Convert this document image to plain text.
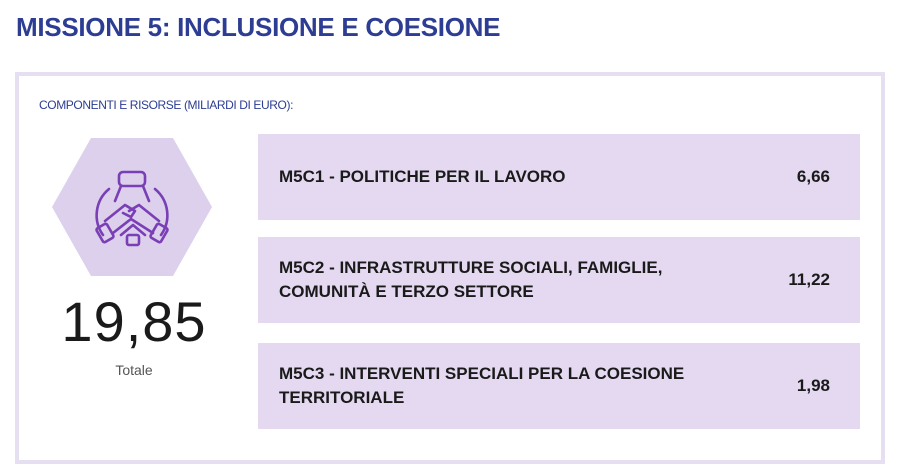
MISSIONE 5: INCLUSIONE E COESIONE
COMPONENTI E RISORSE (MILIARDI DI EURO):
19,85
Totale
M5C1 - POLITICHE PER IL LAVORO	6,66
M5C2 - INFRASTRUTTURE SOCIALI, FAMIGLIE, COMUNITÀ E TERZO SETTORE
11,22
M5C3 - INTERVENTI SPECIALI PER LA COESIONE TERRITORIALE
1,98
